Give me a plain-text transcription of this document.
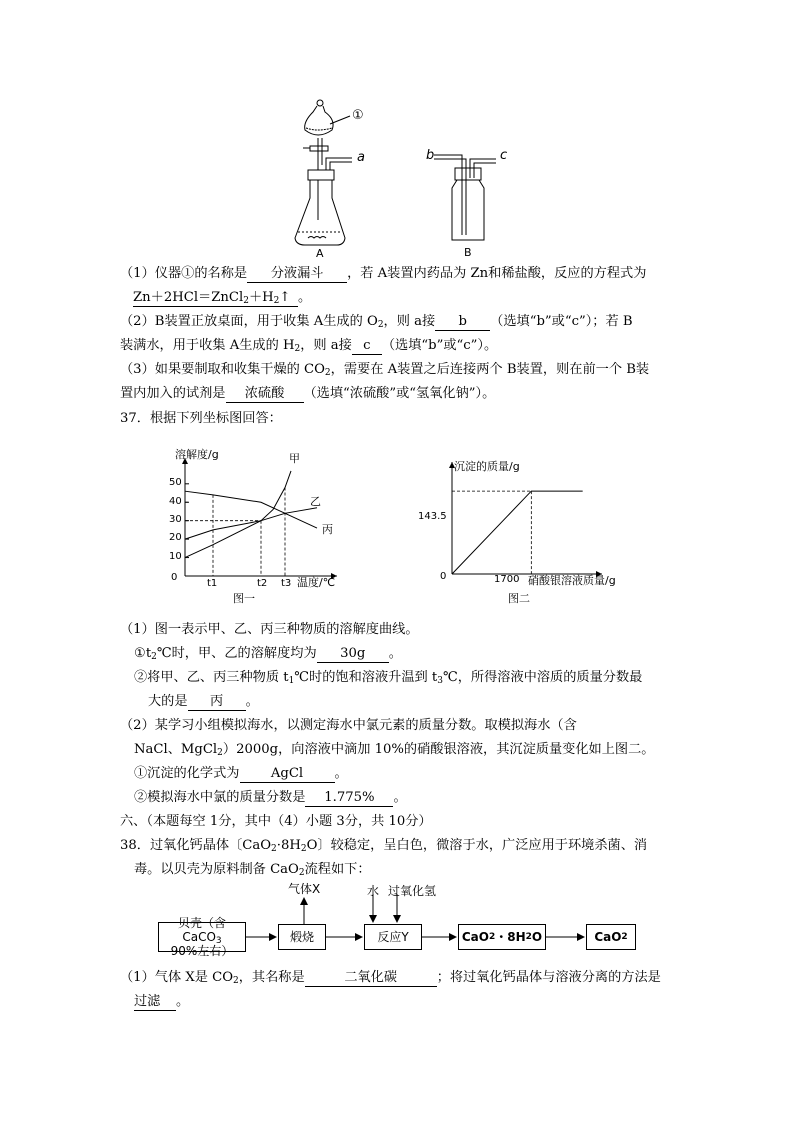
①
a
A
b	c
B
（1）仪器①的名称是 分液漏斗 ，若 A装置内药品为 Zn和稀盐酸，反应的方程式为
$Zn+2HCl=ZnCl_2+H_2↑$ 。
（2）B装置正放桌面，用于收集 A生成的 $O_2$，则 a接 b （选填“b”或“c”）；若 B
装满水，用于收集 A生成的 $H_2$，则 a接 c （选填“b”或“c”）。
（3）如果要制取和收集干燥的 $CO_2$，需要在 A装置之后连接两个 B装置，则在前一个 B装
置内加入的试剂是 浓硫酸 （选填“浓硫酸”或“氢氧化钠”）。
37．根据下列坐标图回答：
溶解度/g
温度/℃
0
10
20
30
40
50
t1	t2 t3
甲
乙
丙
图一
沉淀的质量/g
硝酸银溶液质量/g
0
143.5
1700
图二
（1）图一表示甲、乙、丙三种物质的溶解度曲线。
$①t_2℃$时，甲、乙的溶解度均为 30g 。
②将甲、乙、丙三种物质 $t_1℃$时的饱和溶液升温到 $t_3℃$，所得溶液中溶质的质量分数最
大的是 丙 。
（2）某学习小组模拟海水，以测定海水中氯元素的质量分数。取模拟海水（含
NaCl、MgCl$_2$）2000g，向溶液中滴加 10%的硝酸银溶液，其沉淀质量变化如上图二。
①沉淀的化学式为 AgCl 。
②模拟海水中氯的质量分数是 1.775% 。
六、（本题每空 1分，其中（4）小题 3分，共 10分）
38．过氧化钙晶体〔$CaO_2\cdot 8H_2O$〕较稳定，呈白色，微溶于水，广泛应用于环境杀菌、消
毒。以贝壳为原料制备 CaO$_2$流程如下：
气体X	水 过氧化氢
贝壳（含CaCO$_3$
90%左右）
煅烧	反应Y	CaO 2 ・8H 2 O	CaO 2
（1）气体 X是 $CO_2$，其名称是	二氧化碳	；将过氧化钙晶体与溶液分离的方法是
过滤 。
